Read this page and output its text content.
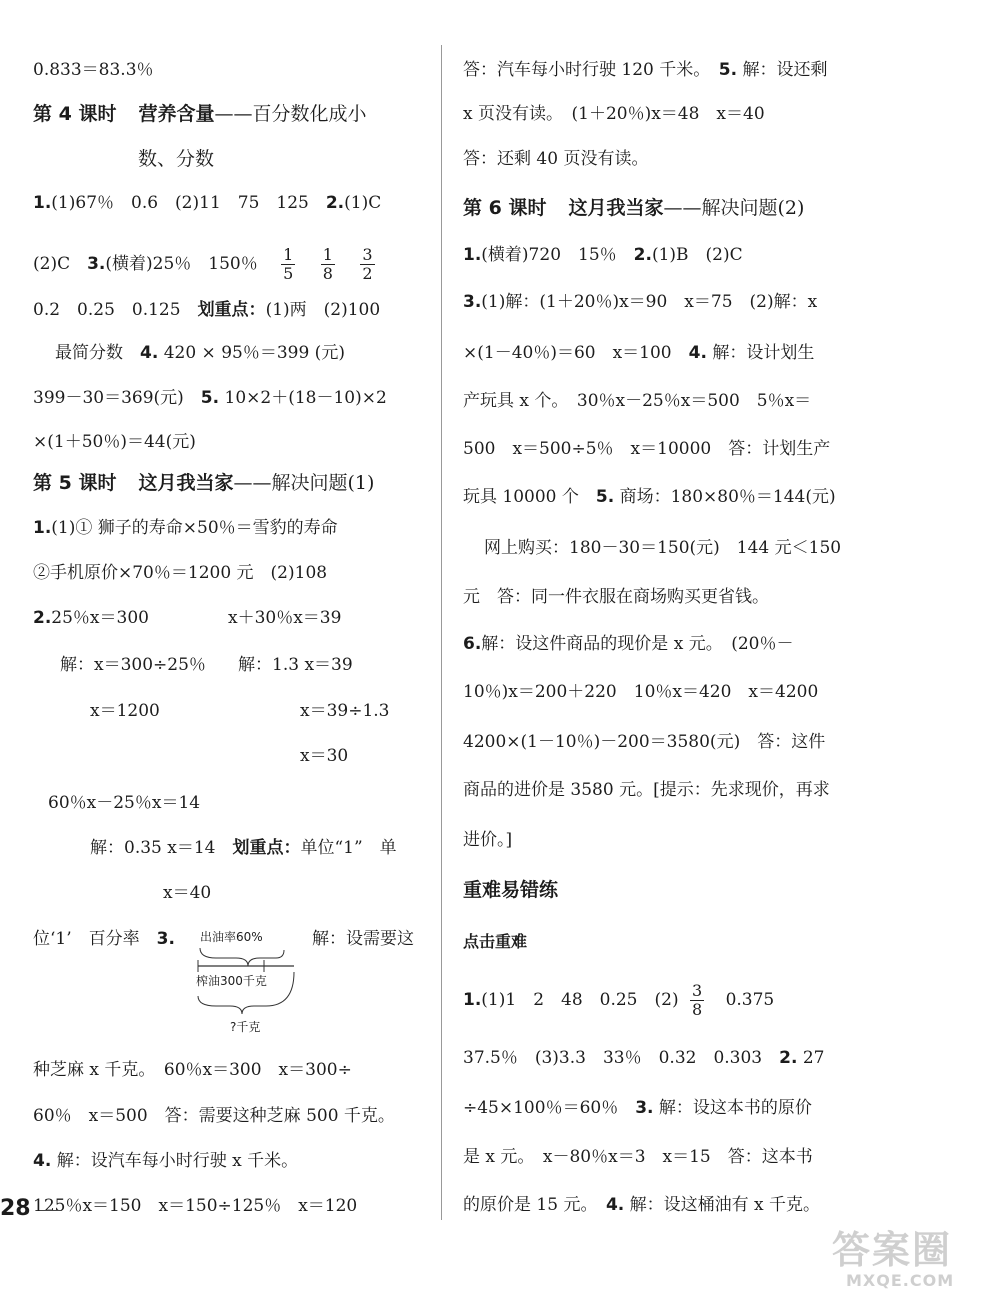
0.833＝83.3％
第 4 课时 营养含量——百分数化成小
数、分数
1.(1)67％　0.6　(2)11　75　125　2.(1)C
(2)C　3.(横着)25％　150％ $\frac{1}{5}$
$\frac{1}{8}$
$\frac{3}{2}$
0.2　0.25　0.125　划重点：(1)两　(2)100
最简分数　4. 420 × 95％＝399 (元)
399－30＝369(元)　5. 10×2＋(18－10)×2
×(1＋50％)＝44(元)
第 5 课时 这月我当家——解决问题(1)
1.(1)① 狮子的寿命×50％＝雪豹的寿命
②手机原价×70％＝1200 元　(2)108
2.25％x＝300	x＋30％x＝39
解：x＝300÷25％ 解：1.3 x＝39
x＝1200	x＝39÷1.3
x＝30
60％x－25％x＝14
解：0.35 x＝14　划重点：单位“1”　单
x＝40
位‘1’　百分率　3.	解：设需要这
出油率60%
榨油300千克
?千克
种芝麻 x 千克。　60％x＝300　x＝300÷
60％　x＝500　答：需要这种芝麻 500 千克。
4. 解：设汽车每小时行驶 x 千米。
125％x＝150　x＝150÷125％　x＝120
答：汽车每小时行驶 120 千米。　5. 解：设还剩
x 页没有读。　(1＋20％)x＝48　x＝40
答：还剩 40 页没有读。
第 6 课时 这月我当家——解决问题(2)
1.(横着)720　15％　2.(1)B　(2)C
3.(1)解：(1＋20％)x＝90　x＝75　(2)解：x
×(1－40％)＝60　x＝100　4. 解：设计划生
产玩具 x 个。　30％x－25％x＝500　5％x＝
500　x＝500÷5％　x＝10000　答：计划生产
玩具 10000 个　5. 商场：180×80％＝144(元)
网上购买：180－30＝150(元)　144 元＜150
元　答：同一件衣服在商场购买更省钱。
6.解：设这件商品的现价是 x 元。　(20％－
10％)x＝200＋220　10％x＝420　x＝4200
4200×(1－10％)－200＝3580(元)　答：这件
商品的进价是 3580 元。[提示：先求现价，再求
进价。]
重难易错练
点击重难
1.(1)1　2　48　0.25　$(2) \frac{3}{8} 0.375$
37.5％　(3)3.3　33％　0.32　0.303　2. 27
÷45×100％＝60％　3. 解：设这本书的原价
是 x 元。　x－80％x＝3　x＝15　答：这本书
的原价是 15 元。　4. 解：设这桶油有 x 千克。
28
答案圈
MXQE.COM
